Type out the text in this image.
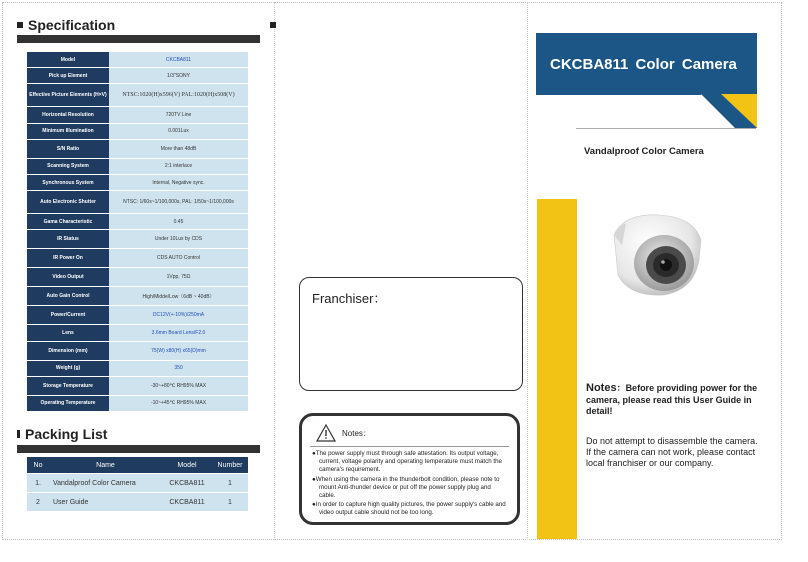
Specification
Model	CKCBA811
Pick up Element	1/3"SONY
Effective Picture Elements (H×V)	NTSC:1020(H)x596(V) PAL:1020(H)x508(V)
Horizontal Resolution	720TV Line
Minimum Illumination	0.001Lux
S/N Ratio	More than 48dB
Scanning System	2:1 interlace
Synchronous System	Internal, Negative sync.
Auto Electronic Shutter	NTSC: 1/60s~1/100,000s, PAL: 1/50s~1/100,000s
Gama Characteristic	0.45
IR Status	Under 10Lux by CDS
IR Power On	CDS AUTO Control
Video Output	1Vpp, 75Ω
Auto Gain Control	High/Midde/Low（6dB ~ 40dB）
Power/Current	DC12V(+-10%)/250mA
Lens	3.6mm Board Lens/F2.0
Dimension (mm)	75(W) x80(H) x65(D)mm
Weight (g)	350
Storage Temperature	-30~+80℃ RH95% MAX
Operating Temperature	-10~+45℃ RH95% MAX
Packing List
No	Name	Model	Number
1.	Vandalproof Color Camera	CKCBA811	1
2	User Guide	CKCBA811	1
Franchiser：
Notes：

●The power supply must through safe attestation. Its output voltage, current, voltage polarity and operating temperature must match the camera's requirement.

●When using the camera in the thunderbolt condition, please note to mount Anti-thunder device or put off the power supply plug and cable.

●In order to capture high quality pictures, the power supply's cable and video output cable should not be too long.

CKCBA811 Color Camera
Vandalproof Color Camera
Notes：Before providing power for the camera, please read this User Guide in detail!
Do not attempt to disassemble the camera. If the camera can not work, please contact local franchiser or our company.
